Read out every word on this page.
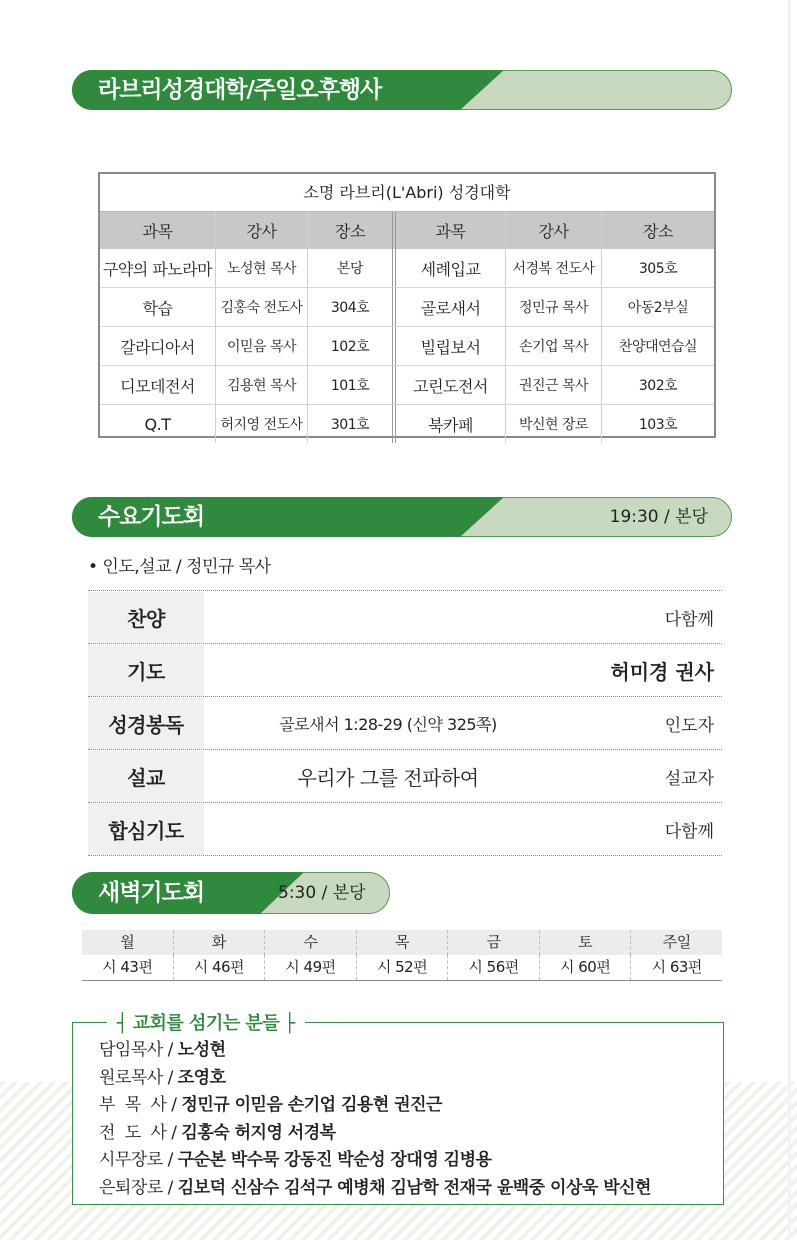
라브리성경대학/주일오후행사
소명 라브리(L'Abri) 성경대학
과목	강사	장소	과목	강사	장소
구약의 파노라마	노성현 목사	본당	세례입교	서경복 전도사	305호
학습	김홍숙 전도사	304호	골로새서	정민규 목사	아동2부실
갈라디아서	이믿음 목사	102호	빌립보서	손기업 목사	찬양대연습실
디모데전서	김용현 목사	101호	고린도전서	권진근 목사	302호
Q.T	허지영 전도사	301호	북카페	박신현 장로	103호
수요기도회	19:30 / 본당
• 인도,설교 / 정민규 목사
찬양	다함께
기도	허미경 권사
성경봉독	골로새서 1:28-29 (신약 325쪽)	인도자
설교	우리가 그를 전파하여	설교자
합심기도	다함께
새벽기도회	5:30 / 본당
월	화	수	목	금	토	주일
시 43편	시 46편	시 49편	시 52편	시 56편	시 60편	시 63편
┤ 교회를 섬기는 분들 ├
담임목사 / 노성현
원로목사 / 조영호
부  목  사 / 정민규 이믿음 손기업 김용현 권진근
전  도  사 / 김홍숙 허지영 서경복
시무장로 / 구순본 박수묵 강동진 박순성 장대영 김병용
은퇴장로 / 김보덕 신삼수 김석구 예병채 김남학 전재국 윤백중 이상욱 박신현
